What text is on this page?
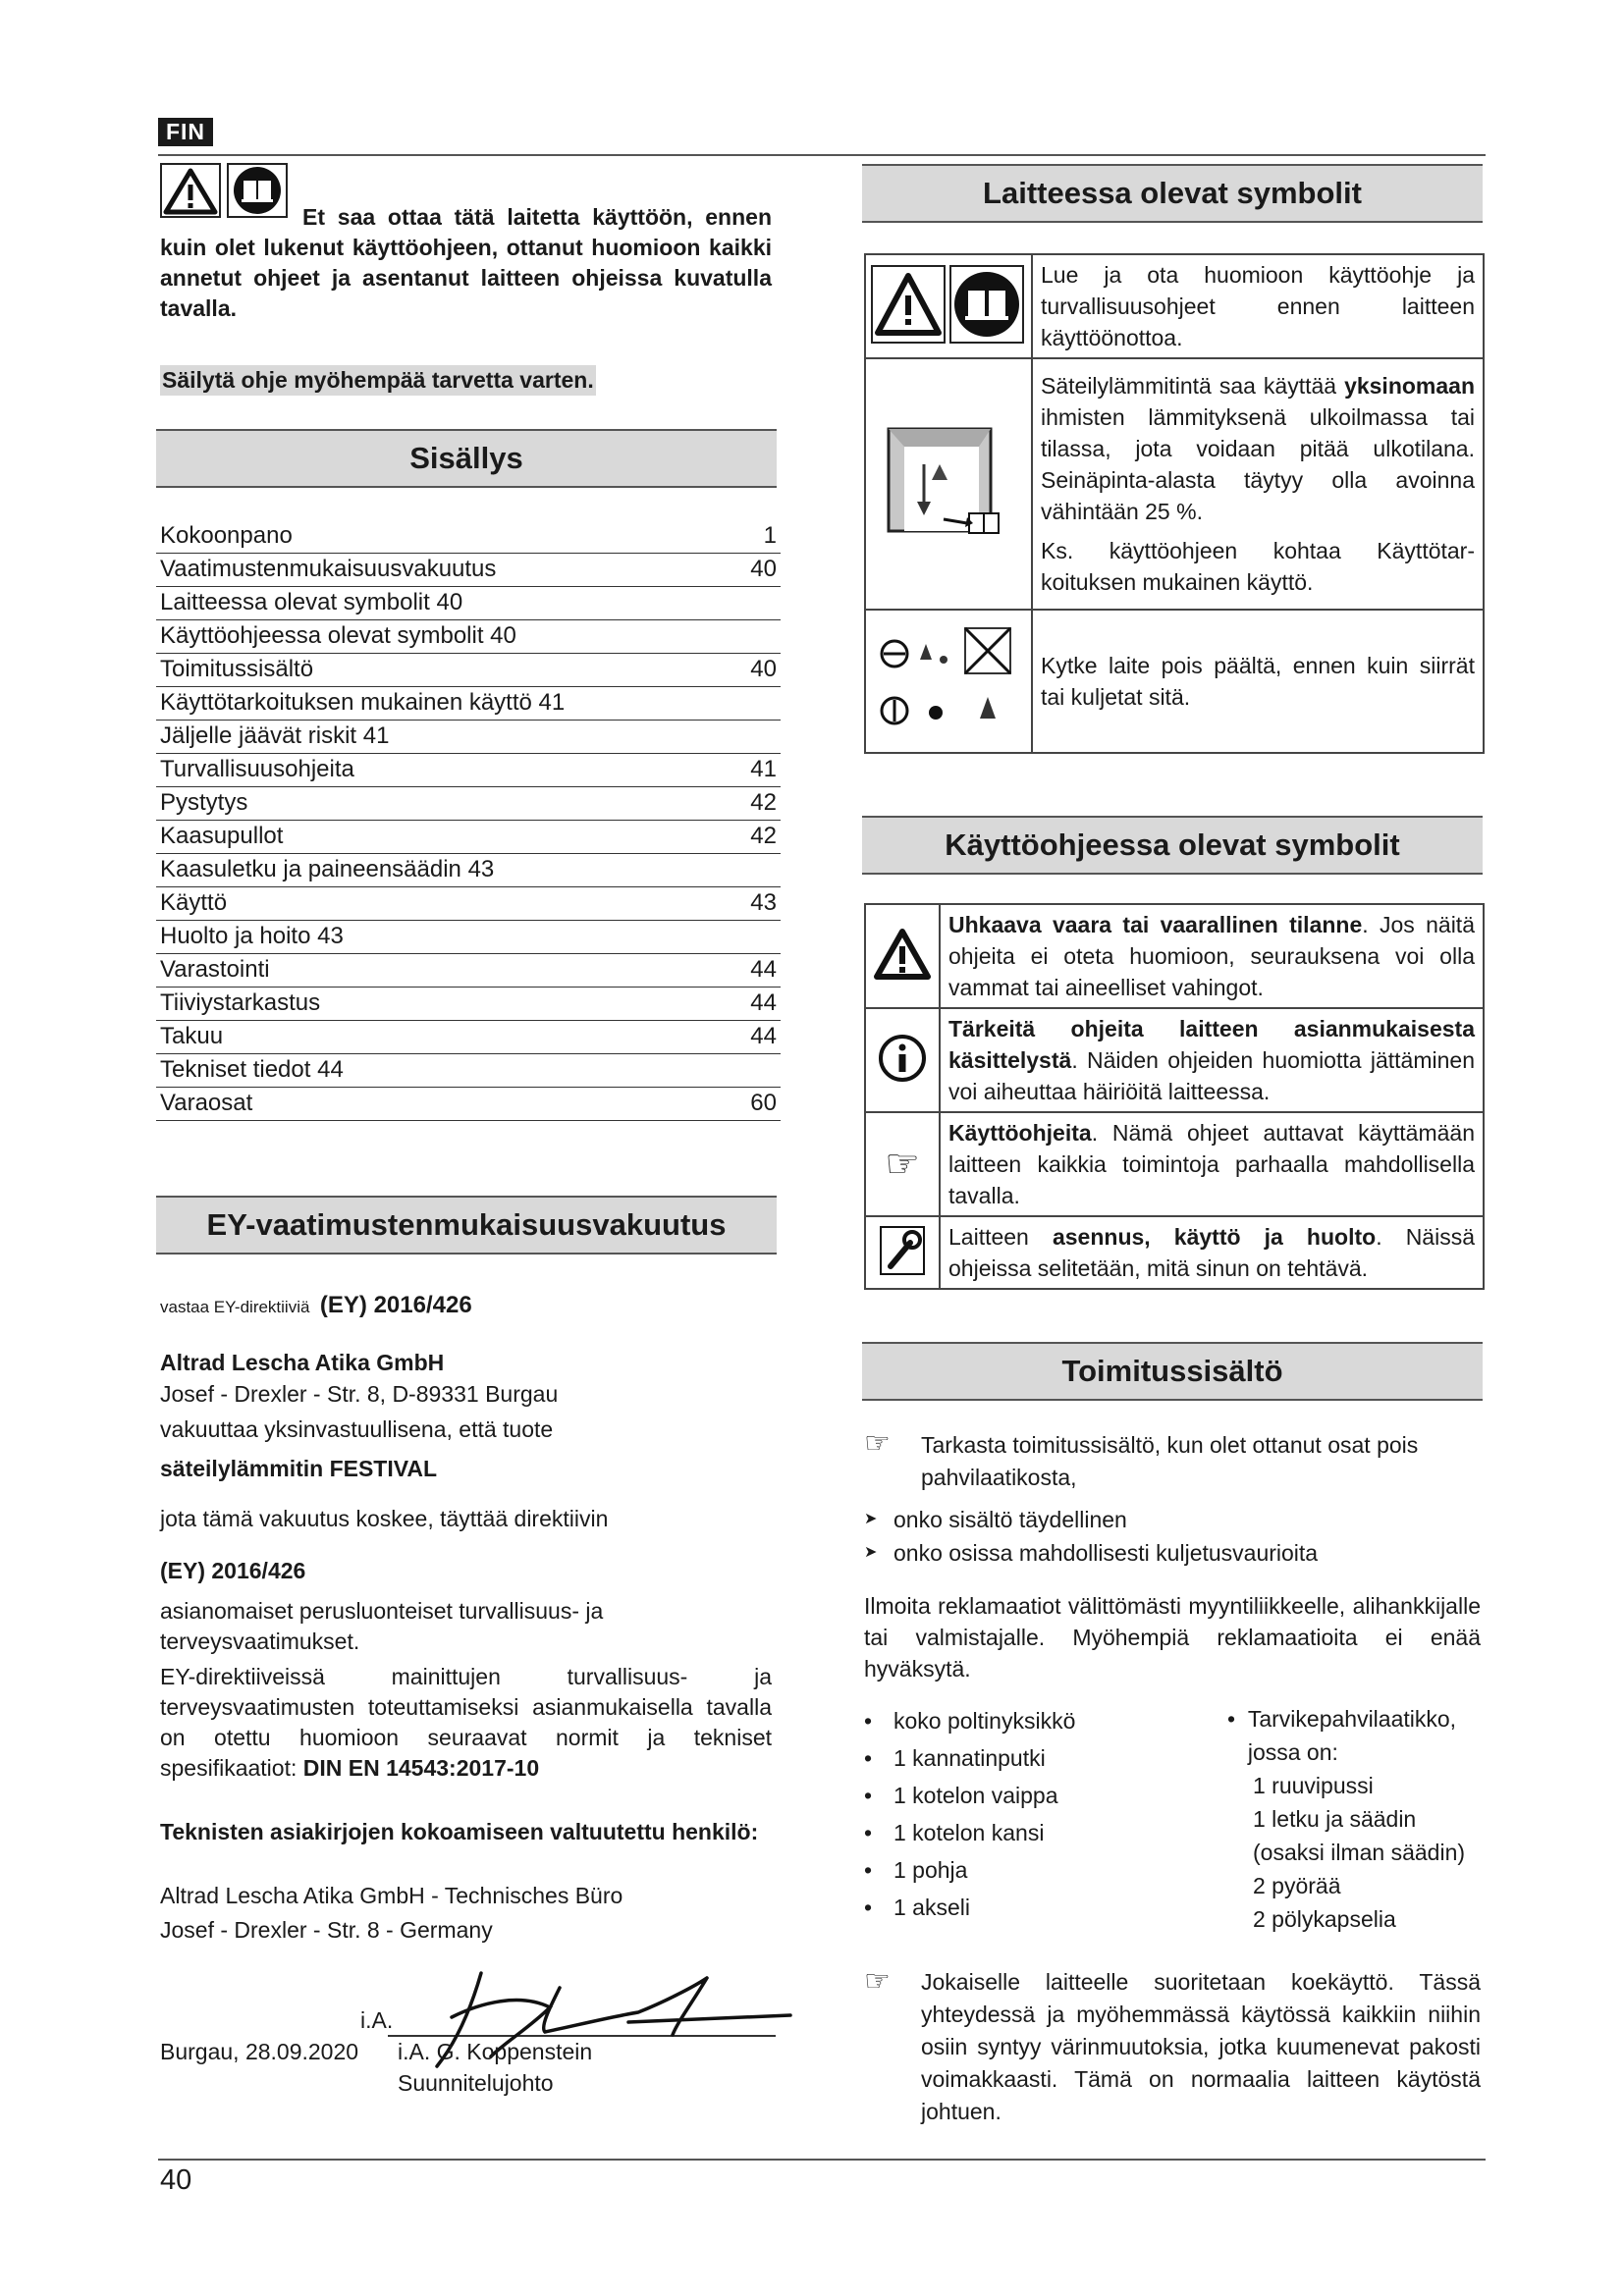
FIN
Et saa ottaa tätä laitetta käyttöön, ennen kuin olet lukenut käyttöohjeen, ottanut huomioon kaikki annetut ohjeet ja asentanut laitteen ohjeissa kuvatulla tavalla.
Säilytä ohje myöhempää tarvetta varten.
Sisällys
Kokoonpano	1
Vaatimustenmukaisuusvakuutus	40
Laitteessa olevat symbolit 40
Käyttöohjeessa olevat symbolit 40
Toimitussisältö	40
Käyttötarkoituksen mukainen käyttö 41
Jäljelle jäävät riskit 41
Turvallisuusohjeita	41
Pystytys	42
Kaasupullot	42
Kaasuletku ja paineensäädin 43
Käyttö	43
Huolto ja hoito 43
Varastointi	44
Tiiviystarkastus	44
Takuu	44
Tekniset tiedot 44
Varaosat	60
EY-vaatimustenmukaisuusvakuutus
vastaa EY-direktiiviä (EY) 2016/426
Altrad Lescha Atika GmbH
Josef - Drexler - Str. 8, D-89331 Burgau
vakuuttaa yksinvastuullisena, että tuote
säteilylämmitin FESTIVAL
jota tämä vakuutus koskee, täyttää direktiivin
(EY) 2016/426
asianomaiset perusluonteiset turvallisuus- ja terveysvaatimukset.
EY-direktiiveissä mainittujen turvallisuus- ja terveysvaatimusten toteuttamiseksi asianmukaisella tavalla on otettu huomioon seuraavat normit ja tekniset spesifikaatiot: DIN EN 14543:2017-10
Teknisten asiakirjojen kokoamiseen valtuutettu henkilö:
Altrad Lescha Atika GmbH - Technisches Büro
Josef - Drexler - Str. 8 - Germany
i.A.
Burgau, 28.09.2020 i.A. G. Koppenstein
Suunnitelujohto
Laitteessa olevat symbolit
	Lue ja ota huomioon käyttöohje ja turvallisuusohjeet ennen laitteen käyttöönottoa.

Säteilylämmitintä saa käyttää yksinomaan ihmisten lämmityksenä ulkoilmassa tai tilassa, jota voidaan pitää ulkotilana. Seinäpinta-alasta täytyy olla avoinna vähintään 25 %.
Ks. käyttöohjeen kohtaa Käyttötar-koituksen mukainen käyttö.

	Kytke laite pois päältä, ennen kuin siirrät tai kuljetat sitä.
Käyttöohjeessa olevat symbolit
	Uhkaava vaara tai vaarallinen tilanne. Jos näitä ohjeita ei oteta huomioon, seurauksena voi olla vammat tai aineelliset vahingot.
	Tärkeitä ohjeita laitteen asianmukaisesta käsittelystä. Näiden ohjeiden huomiotta jättäminen voi aiheuttaa häiriöitä laitteessa.
☞	Käyttöohjeita. Nämä ohjeet auttavat käyttämään laitteen kaikkia toimintoja parhaalla mahdollisella tavalla.
	Laitteen asennus, käyttö ja huolto. Näissä ohjeissa selitetään, mitä sinun on tehtävä.
Toimitussisältö
☞ Tarkasta toimitussisältö, kun olet ottanut osat pois pahvilaatikosta,
➤ onko sisältö täydellinen
➤ onko osissa mahdollisesti kuljetusvaurioita
Ilmoita reklamaatiot välittömästi myyntiliikkeelle, alihankkijalle tai valmistajalle. Myöhempiä reklamaatioita ei enää hyväksytä.
• koko poltinyksikkö
• 1 kannatinputki
• 1 kotelon vaippa
• 1 kotelon kansi
• 1 pohja
• 1 akseli
• Tarvikepahvilaatikko, jossa on:
1 ruuvipussi
1 letku ja säädin (osaksi ilman säädin)
2 pyörää
2 pölykapselia
☞ Jokaiselle laitteelle suoritetaan koekäyttö. Tässä yhteydessä ja myöhemmässä käytössä kaikkiin niihin osiin syntyy värinmuutoksia, jotka kuumenevat pakosti voimakkaasti. Tämä on normaalia laitteen käytöstä johtuen.
40
